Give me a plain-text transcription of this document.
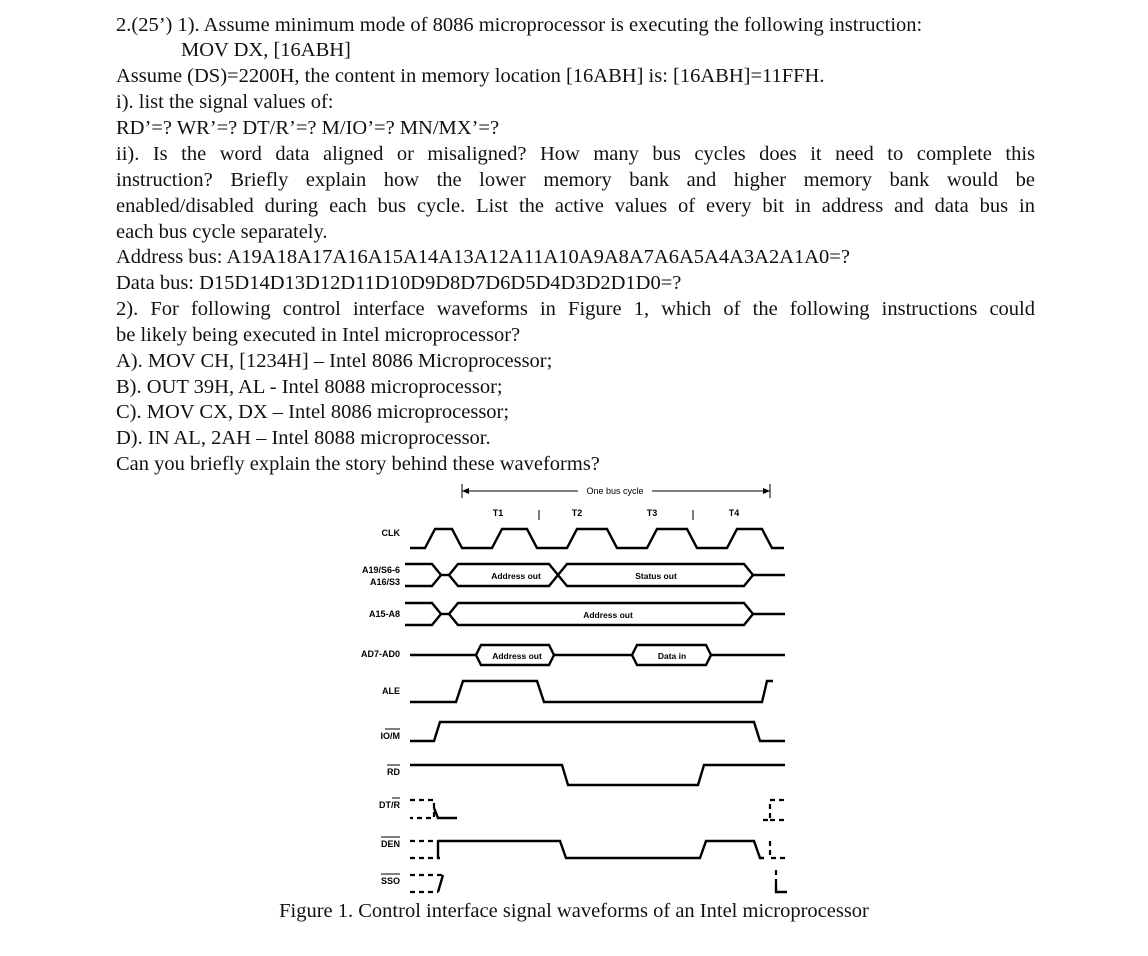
2.(25’) 1). Assume minimum mode of 8086 microprocessor is executing the following instruction:
MOV DX, [16ABH]
Assume (DS)=2200H, the content in memory location [16ABH] is: [16ABH]=11FFH.
i). list the signal values of:
RD’=? WR’=? DT/R’=? M/IO’=? MN/MX’=?
ii). Is the word data aligned or misaligned? How many bus cycles does it need to complete this
instruction? Briefly explain how the lower memory bank and higher memory bank would be
enabled/disabled during each bus cycle. List the active values of every bit in address and data bus in
each bus cycle separately.
Address bus: A19A18A17A16A15A14A13A12A11A10A9A8A7A6A5A4A3A2A1A0=?
Data bus: D15D14D13D12D11D10D9D8D7D6D5D4D3D2D1D0=?
2). For following control interface waveforms in Figure 1, which of the following instructions could
be likely being executed in Intel microprocessor?
A). MOV CH, [1234H] – Intel 8086 Microprocessor;
B). OUT 39H, AL - Intel 8088 microprocessor;
C). MOV CX, DX – Intel 8086 microprocessor;
D). IN AL, 2AH – Intel 8088 microprocessor.
Can you briefly explain the story behind these waveforms?
One bus cycle
T1	T2	T3	T4
CLK
A19/S6-6
A16/S3
A15-A8
AD7-AD0
ALE
IO/M
RD
DT/R
DEN
SSO
Address out	Status out
Address out
Address out	Data in
Figure 1. Control interface signal waveforms of an Intel microprocessor
